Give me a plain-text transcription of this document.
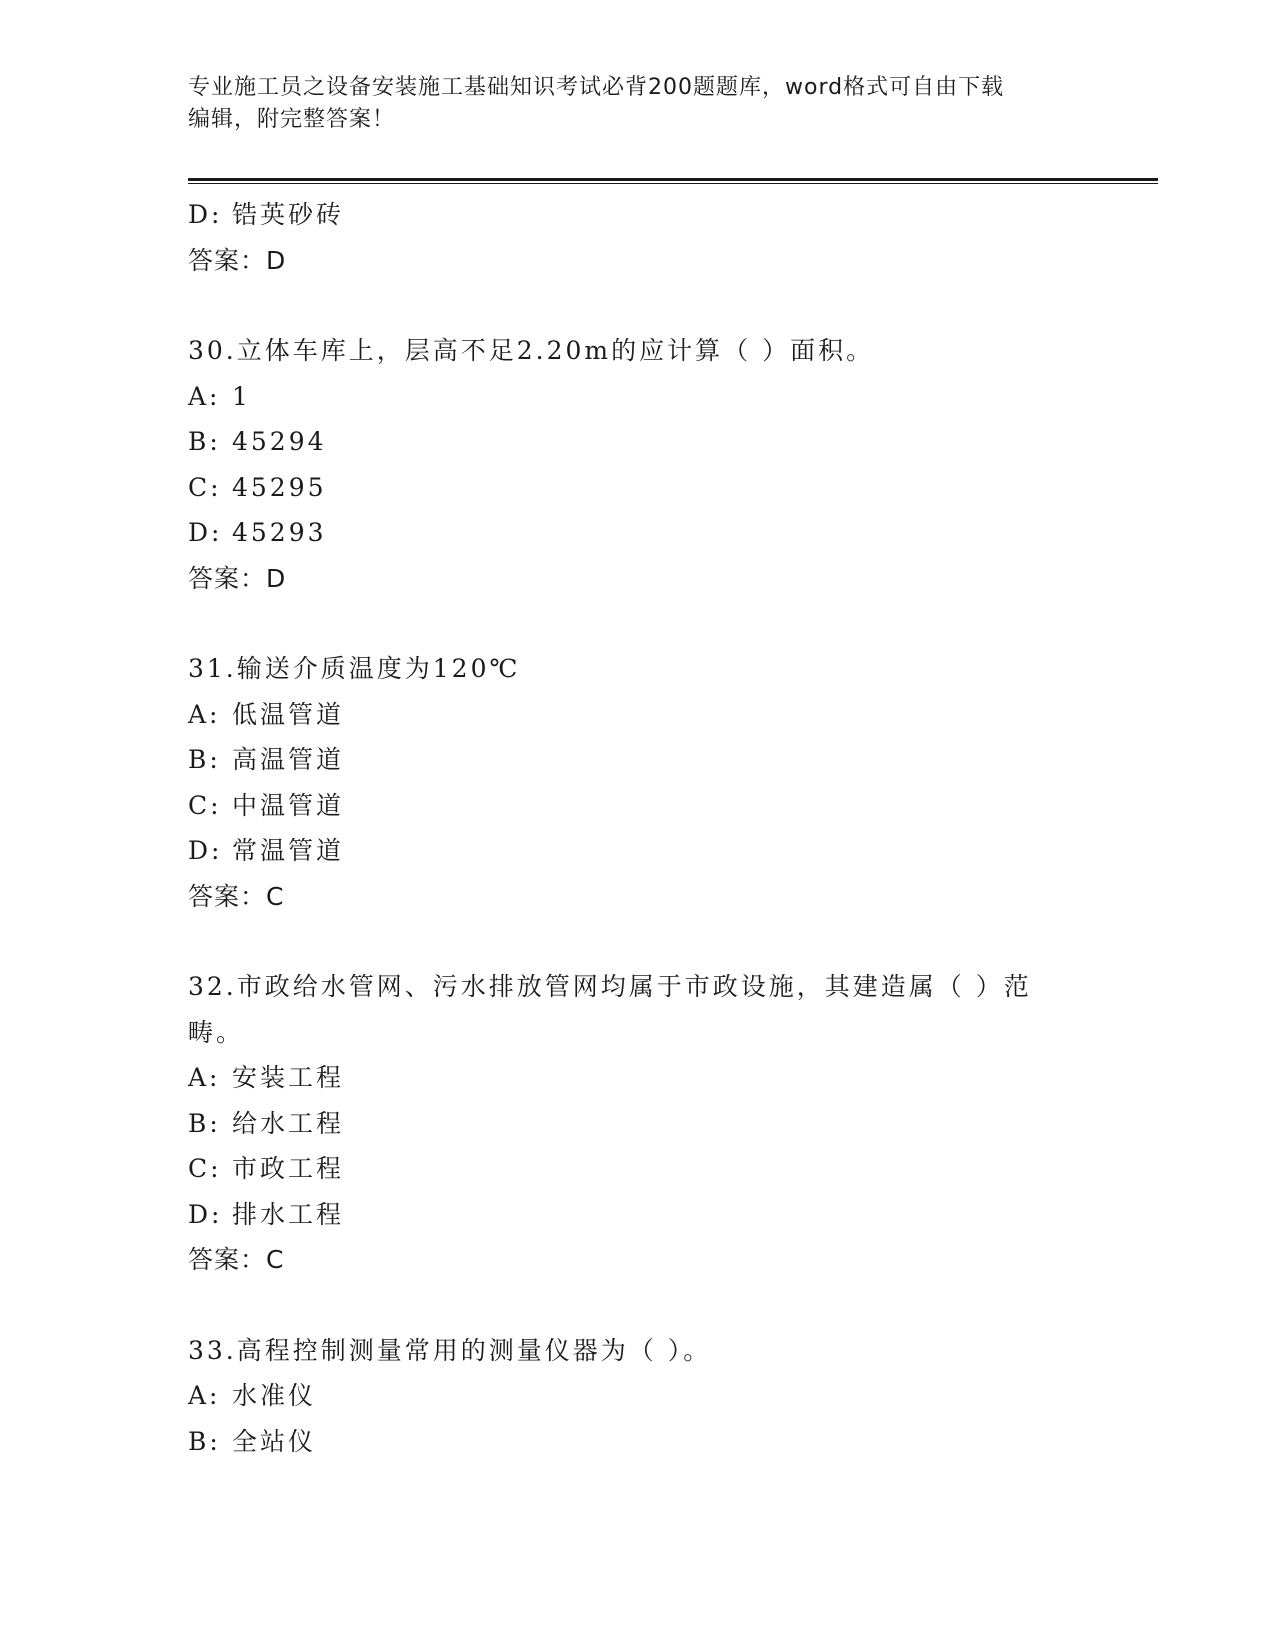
专业施工员之设备安装施工基础知识考试必背200题题库，word格式可自由下载
编辑，附完整答案！
D: 锆英砂砖
答案：D
30.立体车库上，层高不足2.20m的应计算（ ）面积。
A: 1
B: 45294
C: 45295
D: 45293
答案：D
31.输送介质温度为120℃
A: 低温管道
B: 高温管道
C: 中温管道
D: 常温管道
答案：C
32.市政给水管网、污水排放管网均属于市政设施，其建造属（ ）范
畴。
A: 安装工程
B: 给水工程
C: 市政工程
D: 排水工程
答案：C
33.高程控制测量常用的测量仪器为（ ）。
A: 水准仪
B: 全站仪
